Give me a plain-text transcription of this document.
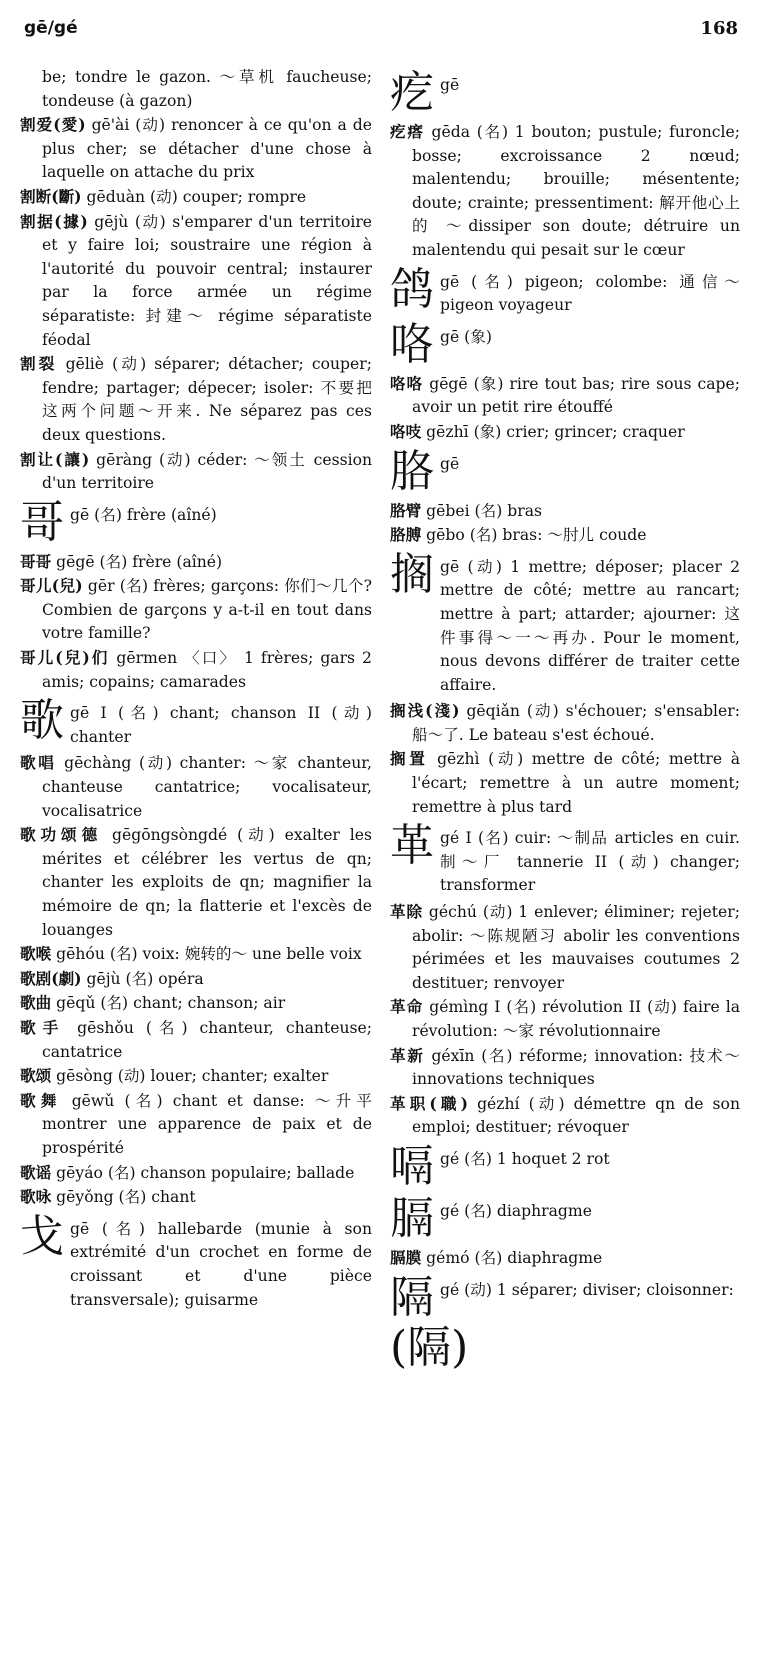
gē/gé	168

be; tondre le gazon. ～草机 faucheuse; tondeuse (à gazon)

割爱(愛) gē'ài (动) renoncer à ce qu'on a de plus cher; se détacher d'une chose à laquelle on attache du prix

割断(斷) gēduàn (动) couper; rompre

割据(據) gējù (动) s'emparer d'un territoire et y faire loi; soustraire une région à l'autorité du pouvoir central; instaurer par la force armée un régime séparatiste: 封建～ régime séparatiste féodal

割裂 gēliè (动) séparer; détacher; couper; fendre; partager; dépecer; isoler: 不要把这两个问题～开来. Ne séparez pas ces deux questions.

割让(讓) gēràng (动) céder: ～领土 cession d'un territoire

哥 gē (名) frère (aîné)

哥哥 gēgē (名) frère (aîné)

哥儿(兒) gēr (名) frères; garçons: 你们～几个? Combien de garçons y a-t-il en tout dans votre famille?

哥儿(兒)们 gērmen 〈口〉 1 frères; gars 2 amis; copains; camarades

歌 gē I (名) chant; chanson II (动) chanter

歌唱 gēchàng (动) chanter: ～家 chanteur, chanteuse cantatrice; vocalisateur, vocalisatrice

歌功颂德 gēgōngsòngdé (动) exalter les mérites et célébrer les vertus de qn; chanter les exploits de qn; magnifier la mémoire de qn; la flatterie et l'excès de louanges

歌喉 gēhóu (名) voix: 婉转的～ une belle voix

歌剧(劇) gējù (名) opéra

歌曲 gēqǔ (名) chant; chanson; air

歌手 gēshǒu (名) chanteur, chanteuse; cantatrice

歌颂 gēsòng (动) louer; chanter; exalter

歌舞 gēwǔ (名) chant et danse: ～升平 montrer une apparence de paix et de prospérité

歌谣 gēyáo (名) chanson populaire; ballade

歌咏 gēyǒng (名) chant

戈 gē (名) hallebarde (munie à son extrémité d'un crochet en forme de croissant et d'une pièce transversale); guisarme
疙 gē

疙瘩 gēda (名) 1 bouton; pustule; furoncle; bosse; excroissance 2 nœud; malentendu; brouille; mésentente; doute; crainte; pressentiment: 解开他心上的 ～dissiper son doute; détruire un malentendu qui pesait sur le cœur

鸽 gē (名) pigeon; colombe: 通信～ pigeon voyageur
咯 gē (象)

咯咯 gēgē (象) rire tout bas; rire sous cape; avoir un petit rire étouffé

咯吱 gēzhī (象) crier; grincer; craquer

胳 gē

胳臂 gēbei (名) bras

胳膊 gēbo (名) bras: ～肘儿 coude

搁 gē (动) 1 mettre; déposer; placer 2 mettre de côté; mettre au rancart; mettre à part; attarder; ajourner: 这件事得～一～再办. Pour le moment, nous devons différer de traiter cette affaire.

搁浅(淺) gēqiǎn (动) s'échouer; s'ensabler: 船～了. Le bateau s'est échoué.

搁置 gēzhì (动) mettre de côté; mettre à l'écart; remettre à un autre moment; remettre à plus tard

革 gé I (名) cuir: ～制品 articles en cuir. 制～厂 tannerie II (动) changer; transformer

革除 géchú (动) 1 enlever; éliminer; rejeter; abolir: ～陈规陋习 abolir les conventions périmées et les mauvaises coutumes 2 destituer; renvoyer

革命 gémìng I (名) révolution II (动) faire la révolution: ～家 révolutionnaire

革新 géxīn (名) réforme; innovation: 技术～ innovations techniques

革职(職) gézhí (动) démettre qn de son emploi; destituer; révoquer

嗝 gé (名) 1 hoquet 2 rot
膈 gé (名) diaphragme

膈膜 gémó (名) diaphragme

隔(隔)
gé (动) 1 séparer; diviser; cloisonner:
